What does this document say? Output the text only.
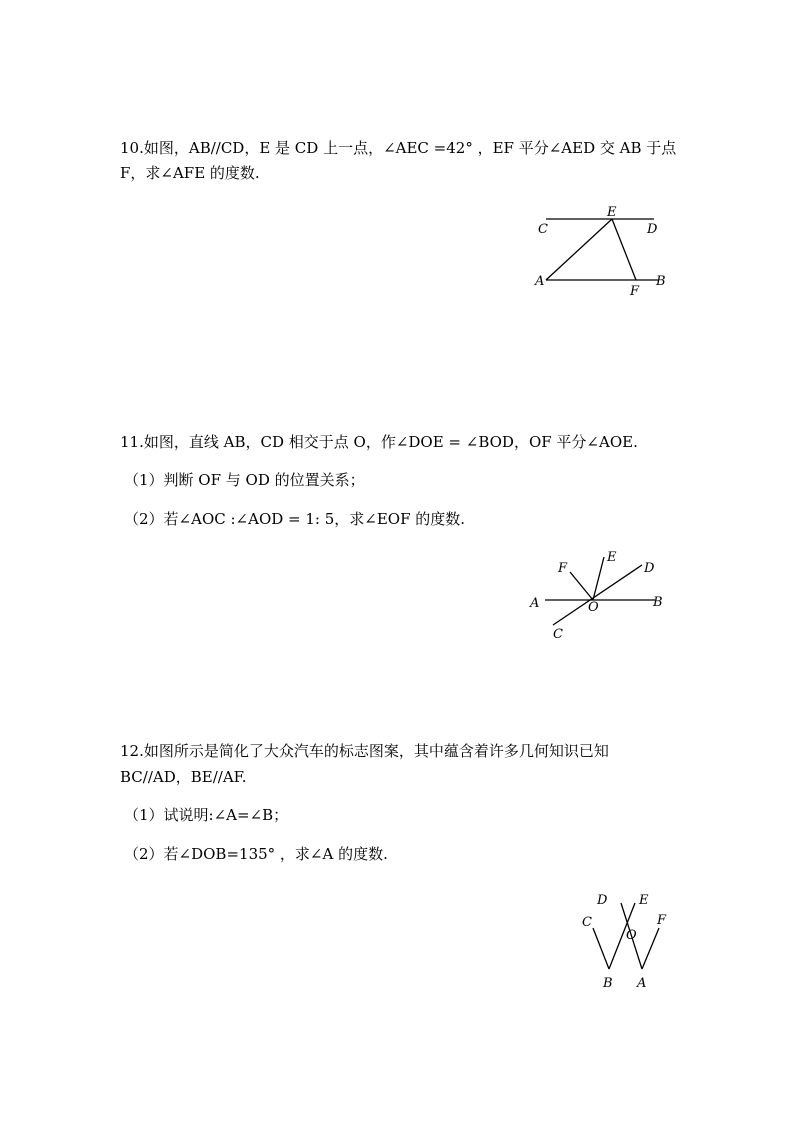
10.如图，AB//CD，E 是 CD 上一点，∠AEC =42° ，EF 平分∠AED 交 AB 于点
F，求∠AFE 的度数.
C
E
D
A
F
B
11.如图，直线 AB，CD 相交于点 O，作∠DOE = ∠BOD，OF 平分∠AOE.
（1）判断 OF 与 OD 的位置关系；
（2）若∠AOC :∠AOD = 1: 5，求∠EOF 的度数.
F
E
D
A	O	B
C
12.如图所示是简化了大众汽车的标志图案，其中蕴含着许多几何知识已知
BC//AD，BE//AF.
（1）试说明:∠A=∠B；
（2）若∠DOB=135° ，求∠A 的度数.
D E
C
O
F
B A
